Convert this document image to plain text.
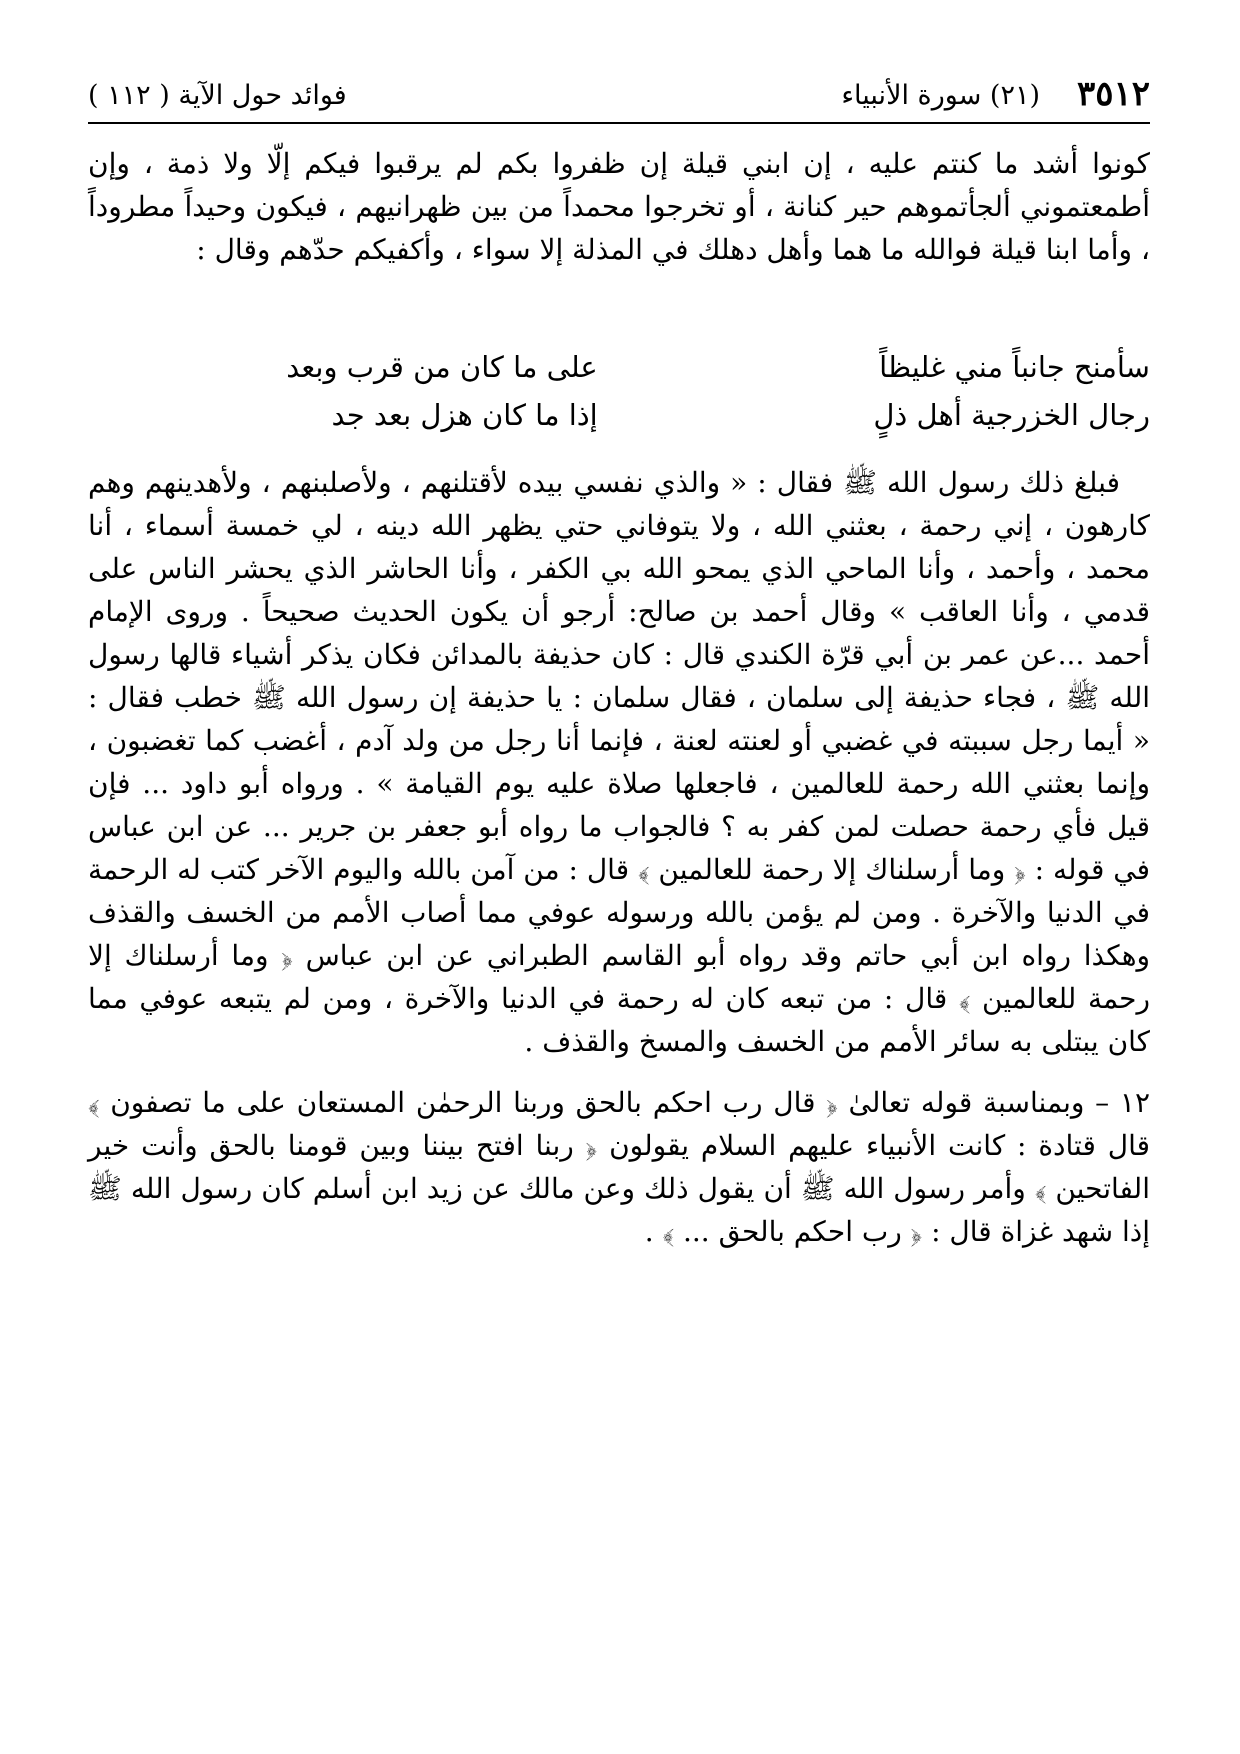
٣٥١٢
(٢١) سورة الأنبياء
فوائد حول الآية ( ١١٢ )

كونوا أشد ما كنتم عليه ، إن ابني قيلة إن ظفروا بكم لم يرقبوا فيكم إلّا ولا ذمة ، وإن أطمعتموني ألجأتموهم حير كنانة ، أو تخرجوا محمداً من بين ظهرانيهم ، فيكون وحيداً مطروداً ، وأما ابنا قيلة فوالله ما هما وأهل دهلك في المذلة إلا سواء ، وأكفيكم حدّهم وقال :

سأمنح جانباً مني غليظاً
على ما كان من قرب وبعد
رجال الخزرجية أهل ذلٍ
إذا ما كان هزل بعد جد

فبلغ ذلك رسول الله ﷺ فقال : « والذي نفسي بيده لأقتلنهم ، ولأصلبنهم ، ولأهدينهم وهم كارهون ، إني رحمة ، بعثني الله ، ولا يتوفاني حتي يظهر الله دينه ، لي خمسة أسماء ، أنا محمد ، وأحمد ، وأنا الماحي الذي يمحو الله بي الكفر ، وأنا الحاشر الذي يحشر الناس على قدمي ، وأنا العاقب » وقال أحمد بن صالح: أرجو أن يكون الحديث صحيحاً . وروى الإمام أحمد ...عن عمر بن أبي قرّة الكندي قال : كان حذيفة بالمدائن فكان يذكر أشياء قالها رسول الله ﷺ ، فجاء حذيفة إلى سلمان ، فقال سلمان : يا حذيفة إن رسول الله ﷺ خطب فقال : « أيما رجل سببته في غضبي أو لعنته لعنة ، فإنما أنا رجل من ولد آدم ، أغضب كما تغضبون ، وإنما بعثني الله رحمة للعالمين ، فاجعلها صلاة عليه يوم القيامة » . ورواه أبو داود ... فإن قيل فأي رحمة حصلت لمن كفر به ؟ فالجواب ما رواه أبو جعفر بن جرير ... عن ابن عباس في قوله : ﴿ وما أرسلناك إلا رحمة للعالمين ﴾ قال : من آمن بالله واليوم الآخر كتب له الرحمة في الدنيا والآخرة . ومن لم يؤمن بالله ورسوله عوفي مما أصاب الأمم من الخسف والقذف وهكذا رواه ابن أبي حاتم وقد رواه أبو القاسم الطبراني عن ابن عباس ﴿ وما أرسلناك إلا رحمة للعالمين ﴾ قال : من تبعه كان له رحمة في الدنيا والآخرة ، ومن لم يتبعه عوفي مما كان يبتلى به سائر الأمم من الخسف والمسخ والقذف .

١٢ – وبمناسبة قوله تعالىٰ ﴿ قال رب احكم بالحق وربنا الرحمٰن المستعان على ما تصفون ﴾ قال قتادة : كانت الأنبياء عليهم السلام يقولون ﴿ ربنا افتح بيننا وبين قومنا بالحق وأنت خير الفاتحين ﴾ وأمر رسول الله ﷺ أن يقول ذلك وعن مالك عن زيد ابن أسلم كان رسول الله ﷺ إذا شهد غزاة قال : ﴿ رب احكم بالحق ... ﴾ .
